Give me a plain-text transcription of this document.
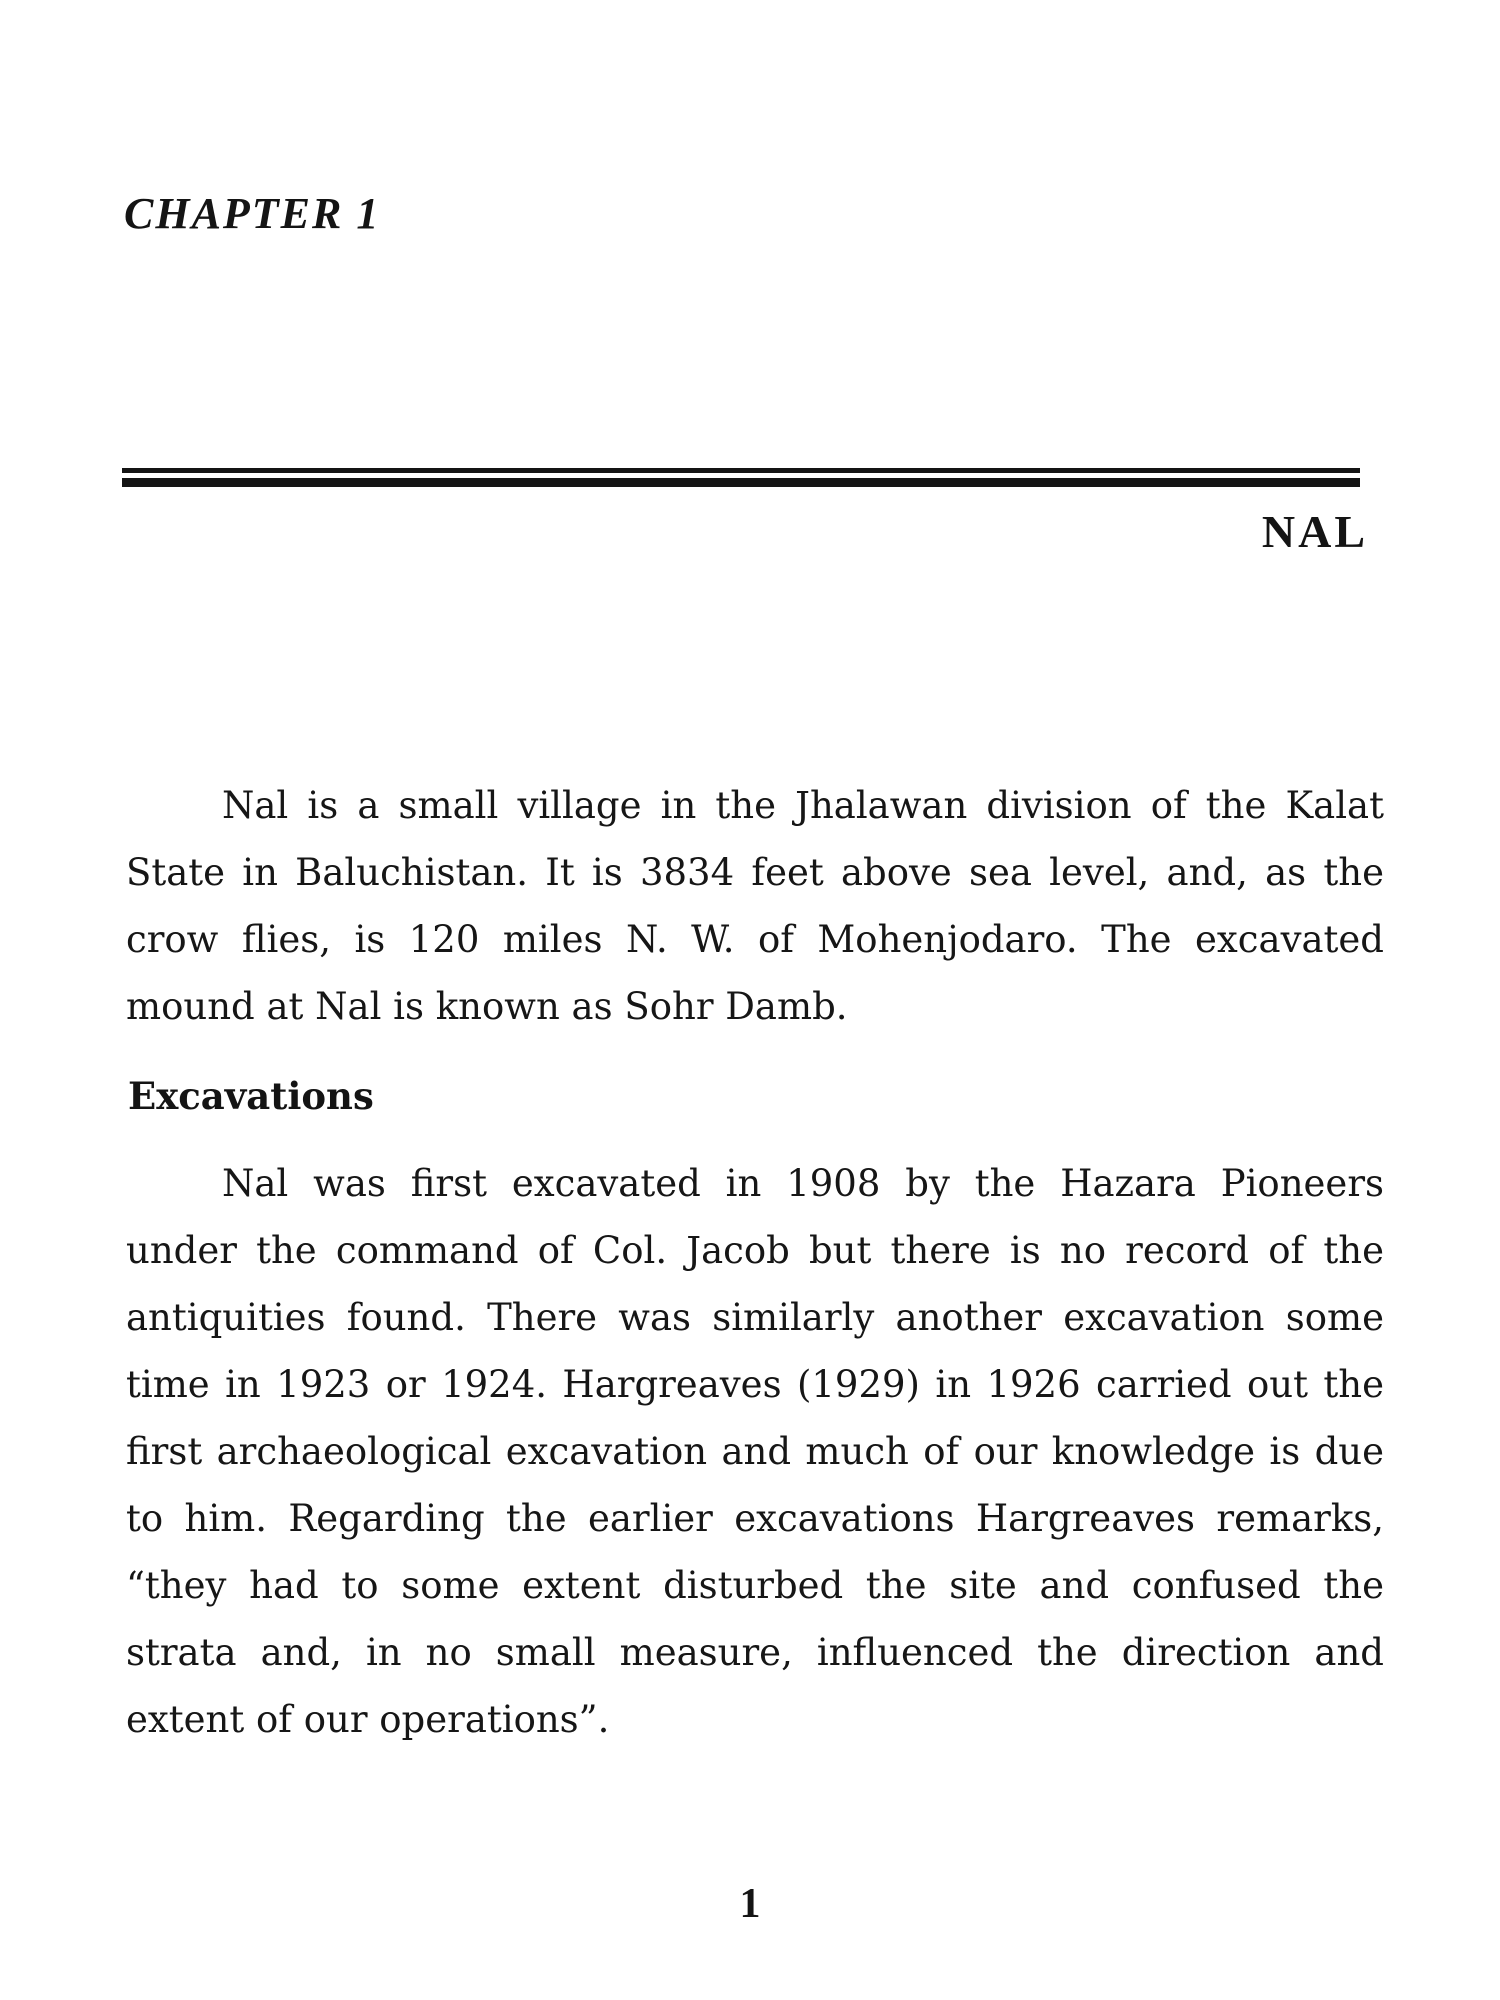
CHAPTER 1
NAL

Nal is a small village in the Jhalawan division of the Kalat State in Baluchistan. It is 3834 feet above sea level, and, as the crow flies, is 120 miles N. W. of Mohenjodaro. The excavated mound at Nal is known as Sohr Damb.

Excavations

Nal was first excavated in 1908 by the Hazara Pioneers under the command of Col. Jacob but there is no record of the antiquities found. There was similarly another excavation some time in 1923 or 1924. Hargreaves (1929) in 1926 carried out the first archaeological excavation and much of our knowledge is due to him. Regarding the earlier excavations Hargreaves remarks, “they had to some extent disturbed the site and confused the strata and, in no small measure, influenced the direction and extent of our operations”.

1
